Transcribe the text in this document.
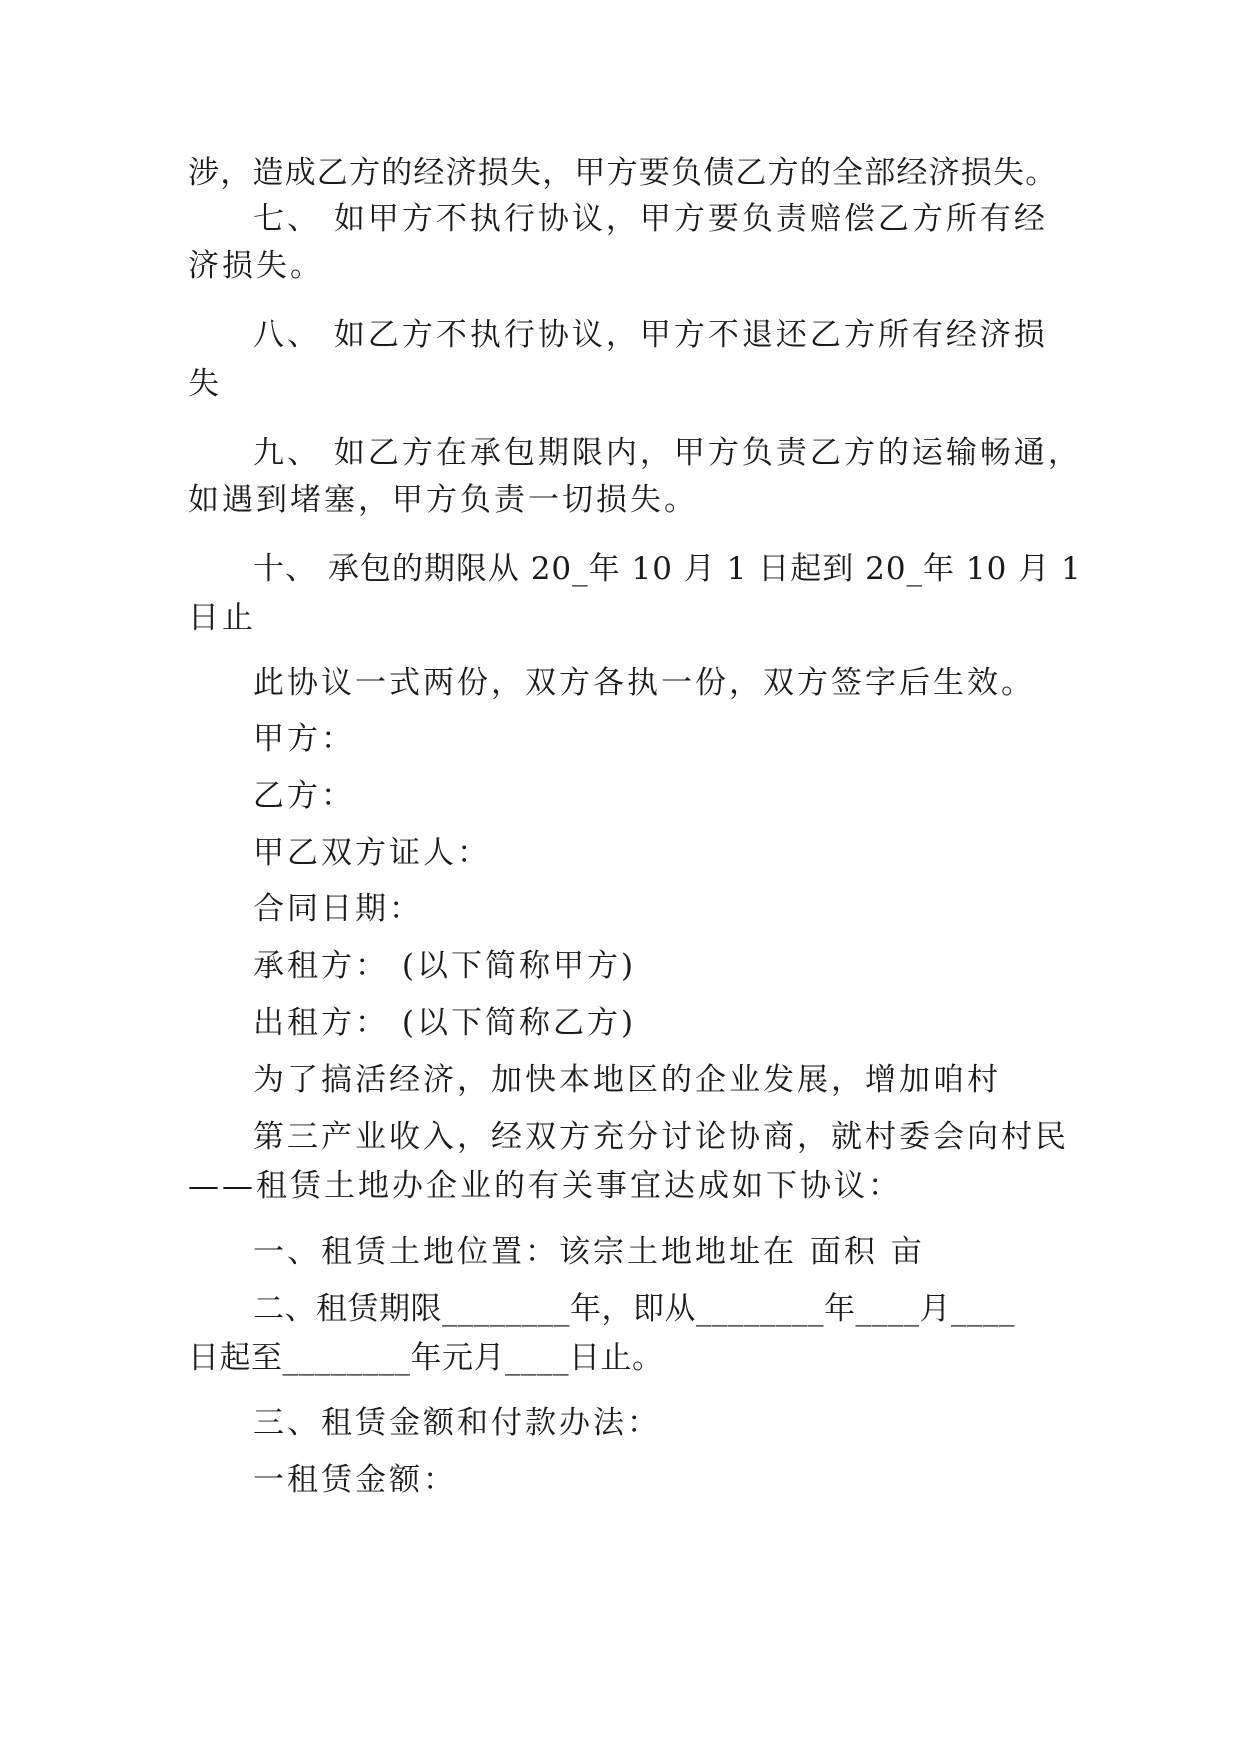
涉，造成乙方的经济损失，甲方要负债乙方的全部经济损失。
七、 如甲方不执行协议，甲方要负责赔偿乙方所有经
济损失。
八、 如乙方不执行协议，甲方不退还乙方所有经济损
失
九、 如乙方在承包期限内，甲方负责乙方的运输畅通，
如遇到堵塞，甲方负责一切损失。
十、 承包的期限从 20_年 10 月 1 日起到 20_年 10 月 1
日止
此协议一式两份，双方各执一份，双方签字后生效。
甲方：
乙方：
甲乙双方证人：
合同日期：
承租方： (以下简称甲方)
出租方： (以下简称乙方)
为了搞活经济，加快本地区的企业发展，增加咱村
第三产业收入，经双方充分讨论协商，就村委会向村民
——租赁土地办企业的有关事宜达成如下协议：
一、租赁土地位置：该宗土地地址在 面积 亩
二、租赁期限________年，即从________年____月____
日起至________年元月____日止。
三、租赁金额和付款办法：
一租赁金额：
